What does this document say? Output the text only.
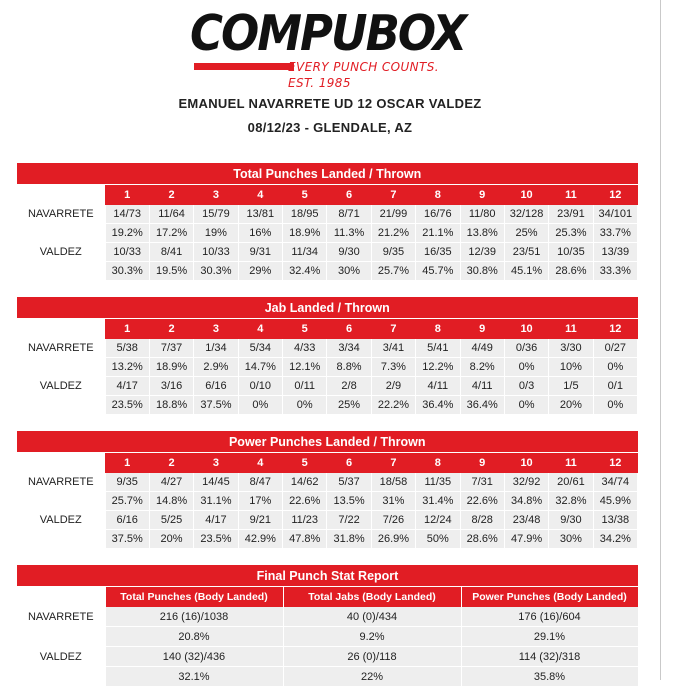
COMPUBOX
EVERY PUNCH COUNTS. EST. 1985
EMANUEL NAVARRETE UD 12 OSCAR VALDEZ
08/12/23 - GLENDALE, AZ
Total Punches Landed / Thrown												
	1	2	3	4	5	6	7	8	9	10	11	12
NAVARRETE	14/73	11/64	15/79	13/81	18/95	8/71	21/99	16/76	11/80	32/128	23/91	34/101
	19.2%	17.2%	19%	16%	18.9%	11.3%	21.2%	21.1%	13.8%	25%	25.3%	33.7%
VALDEZ	10/33	8/41	10/33	9/31	11/34	9/30	9/35	16/35	12/39	23/51	10/35	13/39
	30.3%	19.5%	30.3%	29%	32.4%	30%	25.7%	45.7%	30.8%	45.1%	28.6%	33.3%
Jab Landed / Thrown												
	1	2	3	4	5	6	7	8	9	10	11	12
NAVARRETE	5/38	7/37	1/34	5/34	4/33	3/34	3/41	5/41	4/49	0/36	3/30	0/27
	13.2%	18.9%	2.9%	14.7%	12.1%	8.8%	7.3%	12.2%	8.2%	0%	10%	0%
VALDEZ	4/17	3/16	6/16	0/10	0/11	2/8	2/9	4/11	4/11	0/3	1/5	0/1
	23.5%	18.8%	37.5%	0%	0%	25%	22.2%	36.4%	36.4%	0%	20%	0%
Power Punches Landed / Thrown												
	1	2	3	4	5	6	7	8	9	10	11	12
NAVARRETE	9/35	4/27	14/45	8/47	14/62	5/37	18/58	11/35	7/31	32/92	20/61	34/74
	25.7%	14.8%	31.1%	17%	22.6%	13.5%	31%	31.4%	22.6%	34.8%	32.8%	45.9%
VALDEZ	6/16	5/25	4/17	9/21	11/23	7/22	7/26	12/24	8/28	23/48	9/30	13/38
	37.5%	20%	23.5%	42.9%	47.8%	31.8%	26.9%	50%	28.6%	47.9%	30%	34.2%
Final Punch Stat Report			
	Total Punches (Body Landed)	Total Jabs (Body Landed)	Power Punches (Body Landed)
NAVARRETE	216 (16)/1038	40 (0)/434	176 (16)/604
	20.8%	9.2%	29.1%
VALDEZ	140 (32)/436	26 (0)/118	114 (32)/318
	32.1%	22%	35.8%
